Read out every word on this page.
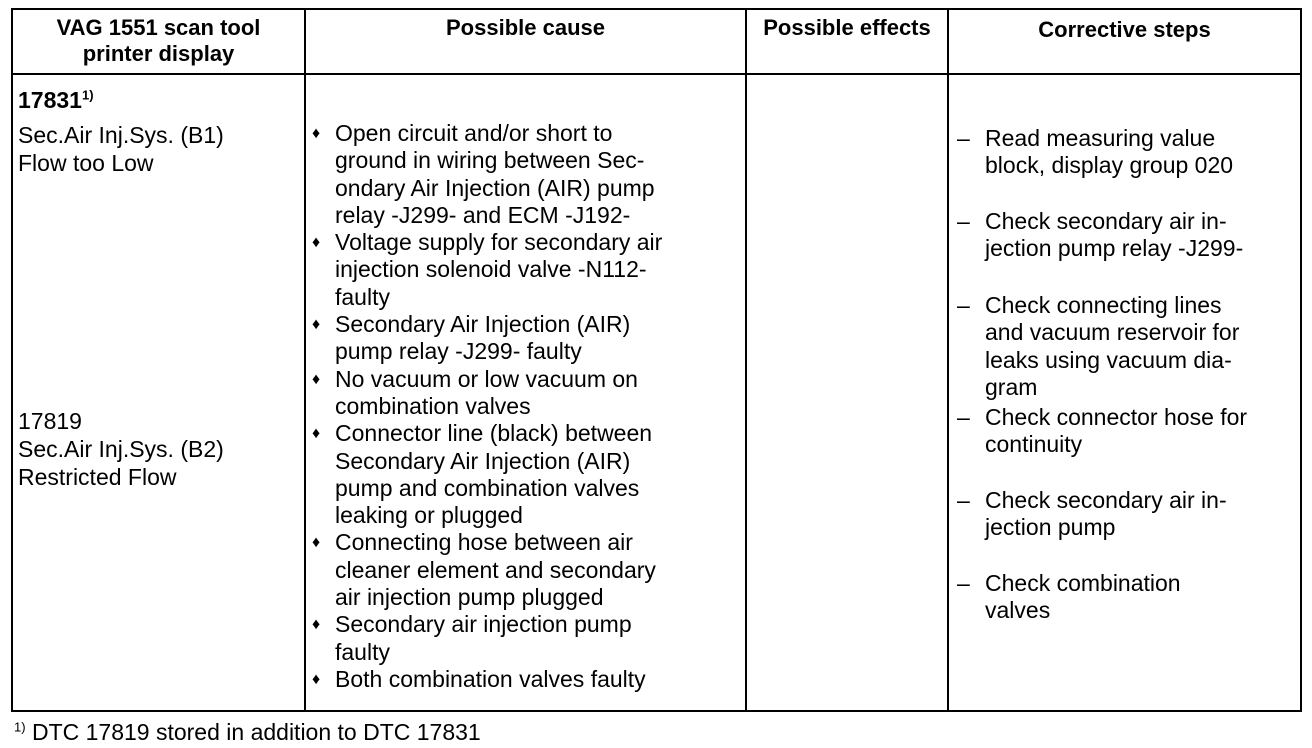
VAG 1551 scan tool
printer display
Possible cause	Possible effects	Corrective steps
17831$^{1)}$
Sec.Air Inj.Sys. (B1)
Flow too Low
17819
Sec.Air Inj.Sys. (B2)
Restricted Flow
♦ Open circuit and/or short to
ground in wiring between Sec-
ondary Air Injection (AIR) pump
relay -J299- and ECM -J192-
♦ Voltage supply for secondary air
injection solenoid valve -N112-
faulty
♦ Secondary Air Injection (AIR)
pump relay -J299- faulty
♦ No vacuum or low vacuum on
combination valves
♦ Connector line (black) between
Secondary Air Injection (AIR)
pump and combination valves
leaking or plugged
♦ Connecting hose between air
cleaner element and secondary
air injection pump plugged
♦ Secondary air injection pump
faulty
♦ Both combination valves faulty
– Read measuring value
block, display group 020
– Check secondary air in-
jection pump relay -J299-
– Check connecting lines
and vacuum reservoir for
leaks using vacuum dia-
gram
– Check connector hose for
continuity
– Check secondary air in-
jection pump
– Check combination
valves
$^{1)}$ DTC 17819 stored in addition to DTC 17831
